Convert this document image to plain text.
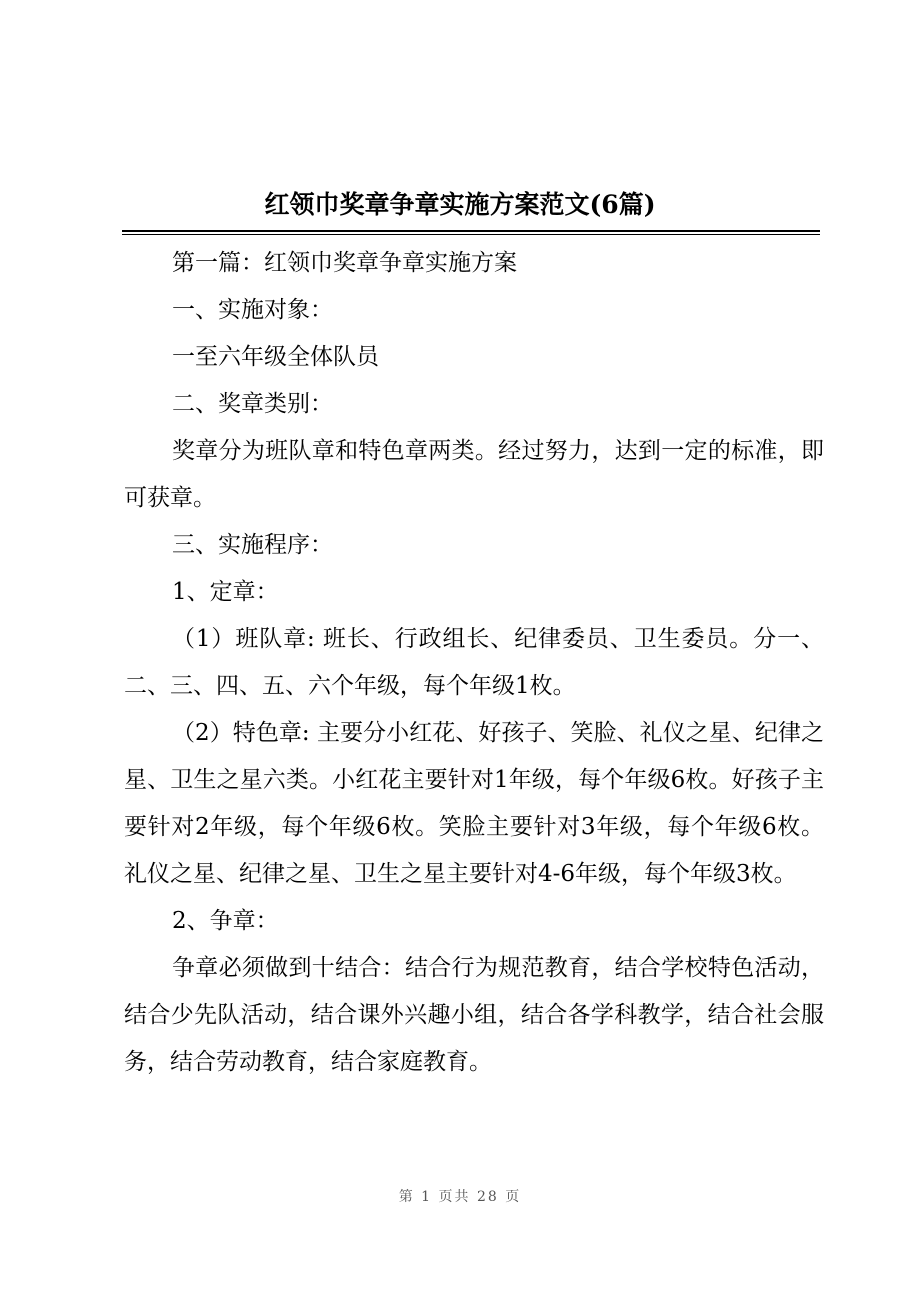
红领巾奖章争章实施方案范文(6篇)

第一篇：红领巾奖章争章实施方案

一、实施对象：

一至六年级全体队员

二、奖章类别：

奖章分为班队章和特色章两类。经过努力，达到一定的标准，即可获章。

三、实施程序：

1、定章：

（1）班队章: 班长、行政组长、纪律委员、卫生委员。分一、二、三、四、五、六个年级，每个年级1枚。

（2）特色章: 主要分小红花、好孩子、笑脸、礼仪之星、纪律之星、卫生之星六类。小红花主要针对1年级，每个年级6枚。好孩子主要针对2年级，每个年级6枚。笑脸主要针对3年级，每个年级6枚。礼仪之星、纪律之星、卫生之星主要针对4-6年级，每个年级3枚。

2、争章：

争章必须做到十结合：结合行为规范教育，结合学校特色活动，结合少先队活动，结合课外兴趣小组，结合各学科教学，结合社会服务，结合劳动教育，结合家庭教育。

第 1 页共 28 页
